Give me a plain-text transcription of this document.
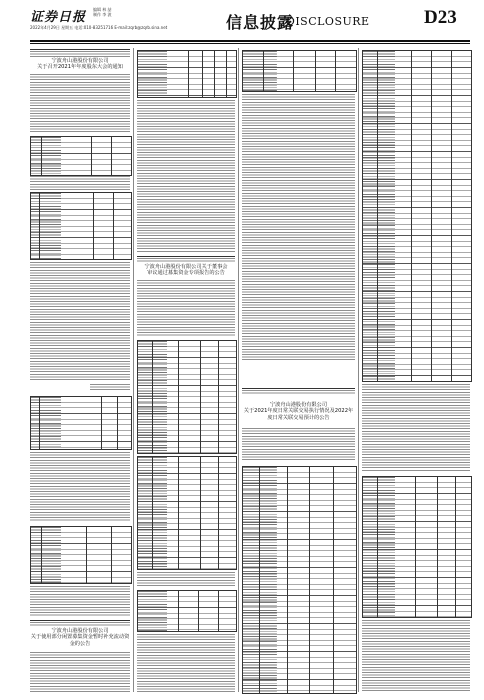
证券日报
2022年4月29日 星期五 电话:010-83251716 E-mail:zqrb@zqrb.sina.net
编辑 林 喆
制作 李 波	信息披露
DISCLOSURE	D23
宁波舟山港股份有限公司
关于召开2021年年度股东大会的通知
宁波舟山港股份有限公司
关于使用部分闲置募集资金暂时补充流动资金的公告
宁波舟山港股份有限公司关于董事会
审议通过募集资金专项报告的公告
宁波舟山港股份有限公司
关于2021年度日常关联交易执行情况及2022年度日常关联交易预计的公告
